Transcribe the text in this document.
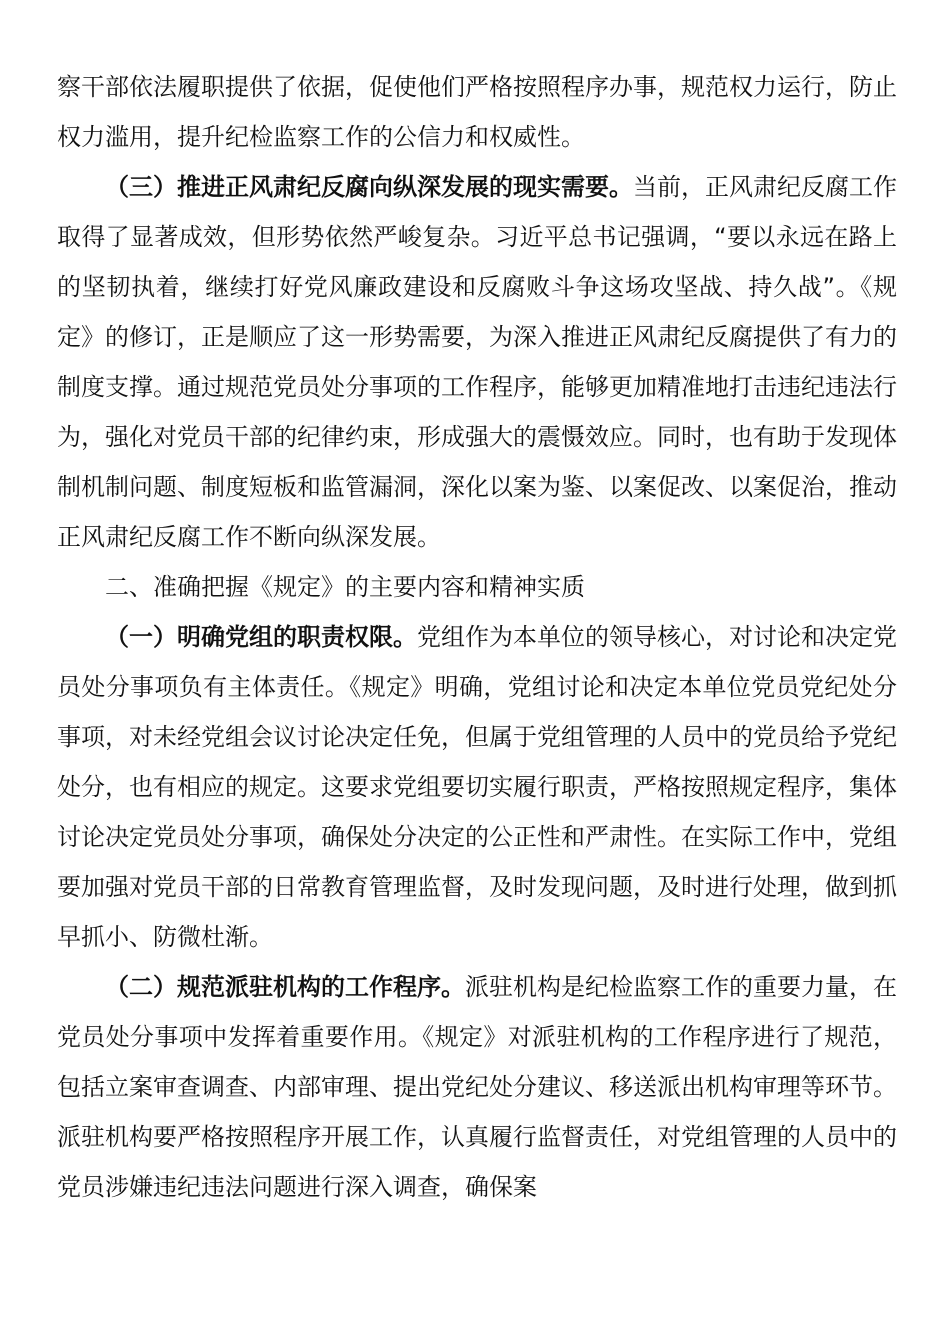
察干部依法履职提供了依据，促使他们严格按照程序办事，规范权力运行，防止权力滥用，提升纪检监察工作的公信力和权威性。

（三）推进正风肃纪反腐向纵深发展的现实需要。当前，正风肃纪反腐工作取得了显著成效，但形势依然严峻复杂。习近平总书记强调，“要以永远在路上的坚韧执着，继续打好党风廉政建设和反腐败斗争这场攻坚战、持久战”。《规定》的修订，正是顺应了这一形势需要，为深入推进正风肃纪反腐提供了有力的制度支撑。通过规范党员处分事项的工作程序，能够更加精准地打击违纪违法行为，强化对党员干部的纪律约束，形成强大的震慑效应。同时，也有助于发现体制机制问题、制度短板和监管漏洞，深化以案为鉴、以案促改、以案促治，推动正风肃纪反腐工作不断向纵深发展。

二、准确把握《规定》的主要内容和精神实质

（一）明确党组的职责权限。党组作为本单位的领导核心，对讨论和决定党员处分事项负有主体责任。《规定》明确，党组讨论和决定本单位党员党纪处分事项，对未经党组会议讨论决定任免，但属于党组管理的人员中的党员给予党纪处分，也有相应的规定。这要求党组要切实履行职责，严格按照规定程序，集体讨论决定党员处分事项，确保处分决定的公正性和严肃性。在实际工作中，党组要加强对党员干部的日常教育管理监督，及时发现问题，及时进行处理，做到抓早抓小、防微杜渐。

（二）规范派驻机构的工作程序。派驻机构是纪检监察工作的重要力量，在党员处分事项中发挥着重要作用。《规定》对派驻机构的工作程序进行了规范，包括立案审查调查、内部审理、提出党纪处分建议、移送派出机构审理等环节。派驻机构要严格按照程序开展工作，认真履行监督责任，对党组管理的人员中的党员涉嫌违纪违法问题进行深入调查，确保案
